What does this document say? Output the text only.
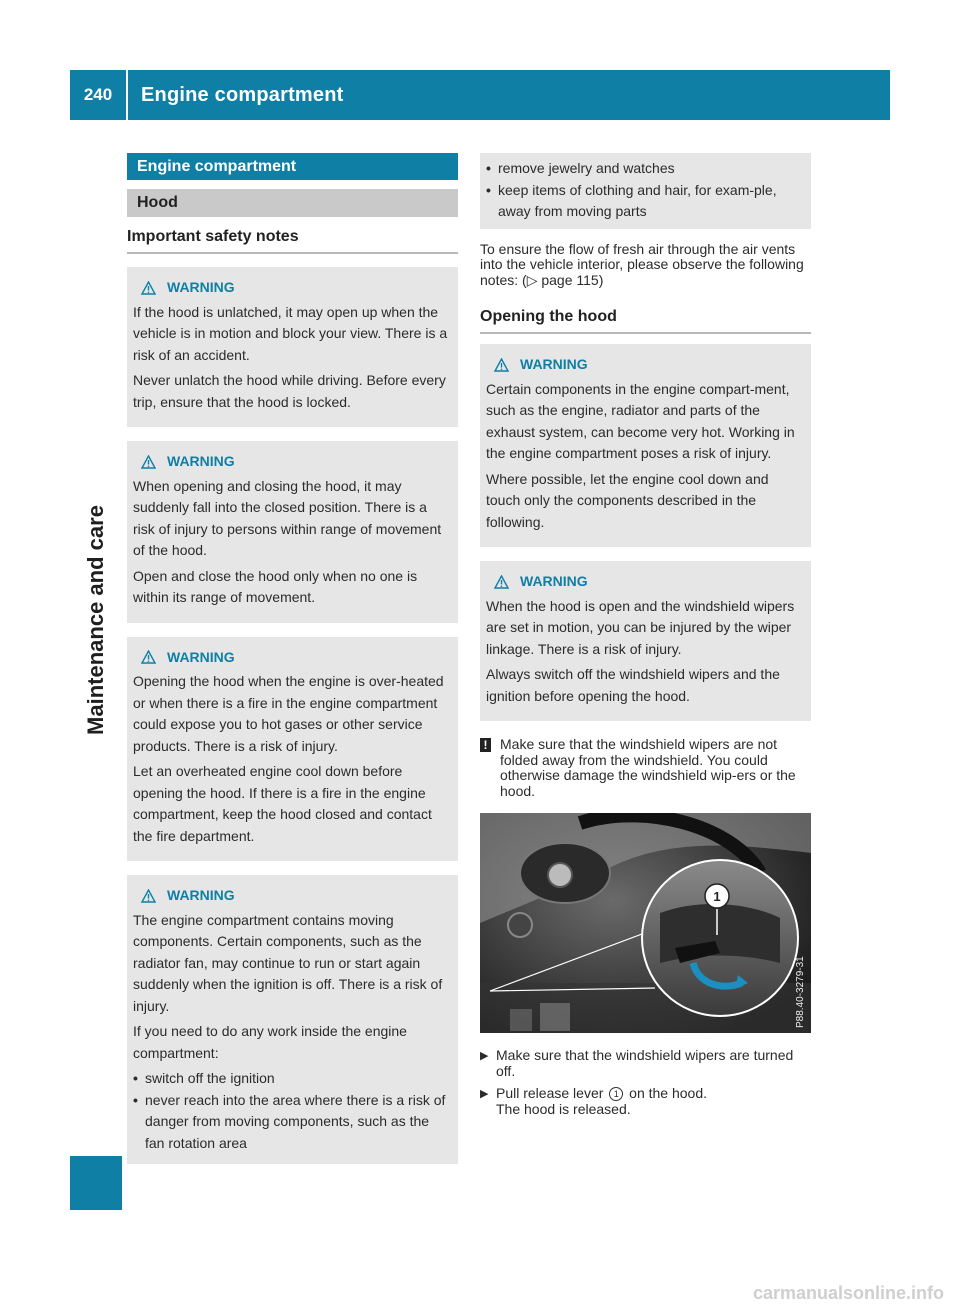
240	Engine compartment
Maintenance and care
Engine compartment
Hood
Important safety notes
WARNING

If the hood is unlatched, it may open up when the vehicle is in motion and block your view. There is a risk of an accident.

Never unlatch the hood while driving. Before every trip, ensure that the hood is locked.

WARNING

When opening and closing the hood, it may suddenly fall into the closed position. There is a risk of injury to persons within range of movement of the hood.

Open and close the hood only when no one is within its range of movement.

WARNING

Opening the hood when the engine is over-heated or when there is a fire in the engine compartment could expose you to hot gases or other service products. There is a risk of injury.

Let an overheated engine cool down before opening the hood. If there is a fire in the engine compartment, keep the hood closed and contact the fire department.

WARNING

The engine compartment contains moving components. Certain components, such as the radiator fan, may continue to run or start again suddenly when the ignition is off. There is a risk of injury.

If you need to do any work inside the engine compartment:

• switch off the ignition
• never reach into the area where there is a risk of danger from moving components, such as the fan rotation area
• remove jewelry and watches
• keep items of clothing and hair, for exam-ple, away from moving parts
To ensure the flow of fresh air through the air vents into the vehicle interior, please observe the following notes: (▷ page 115)
Opening the hood
WARNING

Certain components in the engine compart-ment, such as the engine, radiator and parts of the exhaust system, can become very hot. Working in the engine compartment poses a risk of injury.

Where possible, let the engine cool down and touch only the components described in the following.

WARNING

When the hood is open and the windshield wipers are set in motion, you can be injured by the wiper linkage. There is a risk of injury.

Always switch off the windshield wipers and the ignition before opening the hood.

! Make sure that the windshield wipers are not folded away from the windshield. You could otherwise damage the windshield wip-ers or the hood.
1
P88.40-3279-31
▶ Make sure that the windshield wipers are turned off.
▶ Pull release lever 1 on the hood.
The hood is released.
carmanualsonline.info
